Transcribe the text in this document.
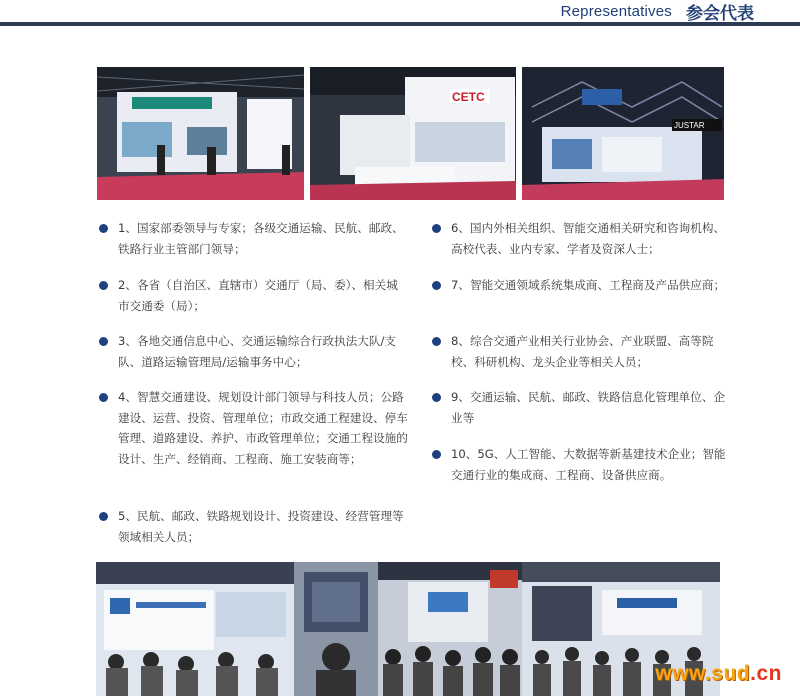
Representatives 参会代表
CETC
JUSTAR
1、国家部委领导与专家；各级交通运输、民航、邮政、铁路行业主管部门领导；
2、各省（自治区、直辖市）交通厅（局、委）、相关城市交通委（局）；
3、各地交通信息中心、交通运输综合行政执法大队/支队、道路运输管理局/运输事务中心；
4、智慧交通建设、规划设计部门领导与科技人员；公路建设、运营、投资、管理单位；市政交通工程建设、停车管理、道路建设、养护、市政管理单位；交通工程设施的设计、生产、经销商、工程商、施工安装商等；
5、民航、邮政、铁路规划设计、投资建设、经营管理等领域相关人员；
6、国内外相关组织、智能交通相关研究和咨询机构、高校代表、业内专家、学者及资深人士；
7、智能交通领域系统集成商、工程商及产品供应商；
8、综合交通产业相关行业协会、产业联盟、高等院校、科研机构、龙头企业等相关人员；
9、交通运输、民航、邮政、铁路信息化管理单位、企业等
10、5G、人工智能、大数据等新基建技术企业；智能交通行业的集成商、工程商、设备供应商。
www.sud.cn
